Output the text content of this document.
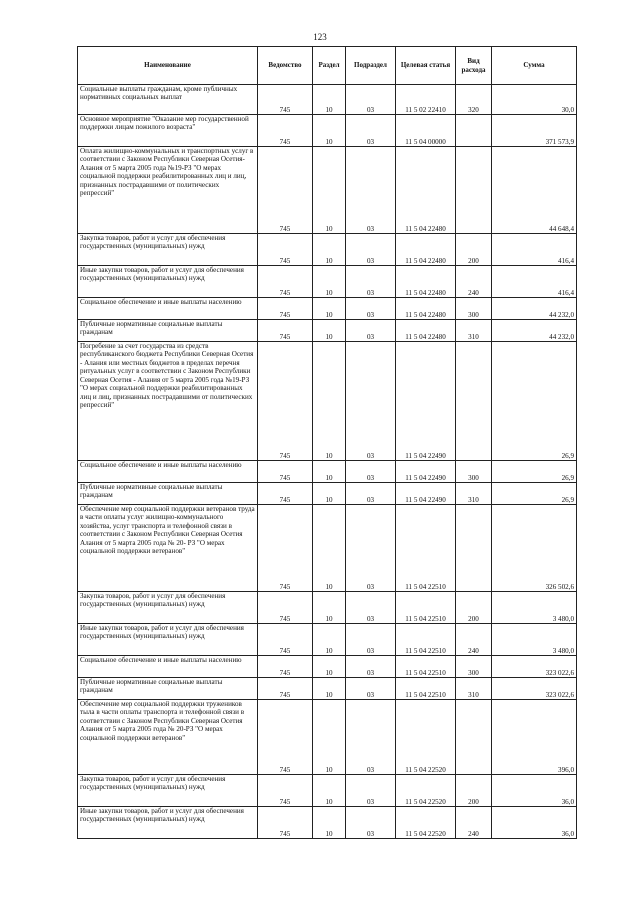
123
Наименование	Ведомство	Раздел	Подраздел	Целевая статья	Вид расхода	Сумма
Социальные выплаты гражданам, кроме публичных нормативных социальных выплат	745	10	03	11 5 02 22410	320	30,0
Основное мероприятие "Оказание мер государственной поддержки лицам пожилого возраста"	745	10	03	11 5 04 00000		371 573,9
Оплата жилищно-коммунальных и транспортных услуг в соответствии с Законом Республики Северная Осетия-Алания от 5 марта 2005 года №19-РЗ "О мерах социальной поддержки реабилитированных лиц и лиц, признанных пострадавшими от политических репрессий"	745	10	03	11 5 04 22480		44 648,4
Закупка товаров, работ и услуг для обеспечения государственных (муниципальных) нужд	745	10	03	11 5 04 22480	200	416,4
Иные закупки товаров, работ и услуг для обеспечения государственных (муниципальных) нужд	745	10	03	11 5 04 22480	240	416,4
Социальное обеспечение и иные выплаты населению	745	10	03	11 5 04 22480	300	44 232,0
Публичные нормативные социальные выплаты гражданам	745	10	03	11 5 04 22480	310	44 232,0
Погребение за счет государства из средств республиканского бюджета Республики Северная Осетия - Алания или местных бюджетов в пределах перечня ритуальных услуг в соответствии с Законом Республики Северная Осетия - Алания от 5 марта 2005 года №19-РЗ "О мерах социальной поддержки реабилитированных лиц и лиц, признанных пострадавшими от политических репрессий"	745	10	03	11 5 04 22490		26,9
Социальное обеспечение и иные выплаты населению	745	10	03	11 5 04 22490	300	26,9
Публичные нормативные социальные выплаты гражданам	745	10	03	11 5 04 22490	310	26,9
Обеспечение мер социальной поддержки ветеранов труда в части оплаты услуг жилищно-коммунального хозяйства, услуг транспорта и телефонной связи в соответствии с Законом Республики Северная Осетия Алания от 5 марта 2005 года № 20- РЗ "О мерах социальной поддержки ветеранов"	745	10	03	11 5 04 22510		326 502,6
Закупка товаров, работ и услуг для обеспечения государственных (муниципальных) нужд	745	10	03	11 5 04 22510	200	3 480,0
Иные закупки товаров, работ и услуг для обеспечения государственных (муниципальных) нужд	745	10	03	11 5 04 22510	240	3 480,0
Социальное обеспечение и иные выплаты населению	745	10	03	11 5 04 22510	300	323 022,6
Публичные нормативные социальные выплаты гражданам	745	10	03	11 5 04 22510	310	323 022,6
Обеспечение мер социальной поддержки тружеников тыла в части оплаты транспорта и телефонной связи в соответствии с Законом Республики Северная Осетия Алания от 5 марта 2005 года № 20-РЗ "О мерах социальной поддержки ветеранов"	745	10	03	11 5 04 22520		396,0
Закупка товаров, работ и услуг для обеспечения государственных (муниципальных) нужд	745	10	03	11 5 04 22520	200	36,0
Иные закупки товаров, работ и услуг для обеспечения государственных (муниципальных) нужд	745	10	03	11 5 04 22520	240	36,0
